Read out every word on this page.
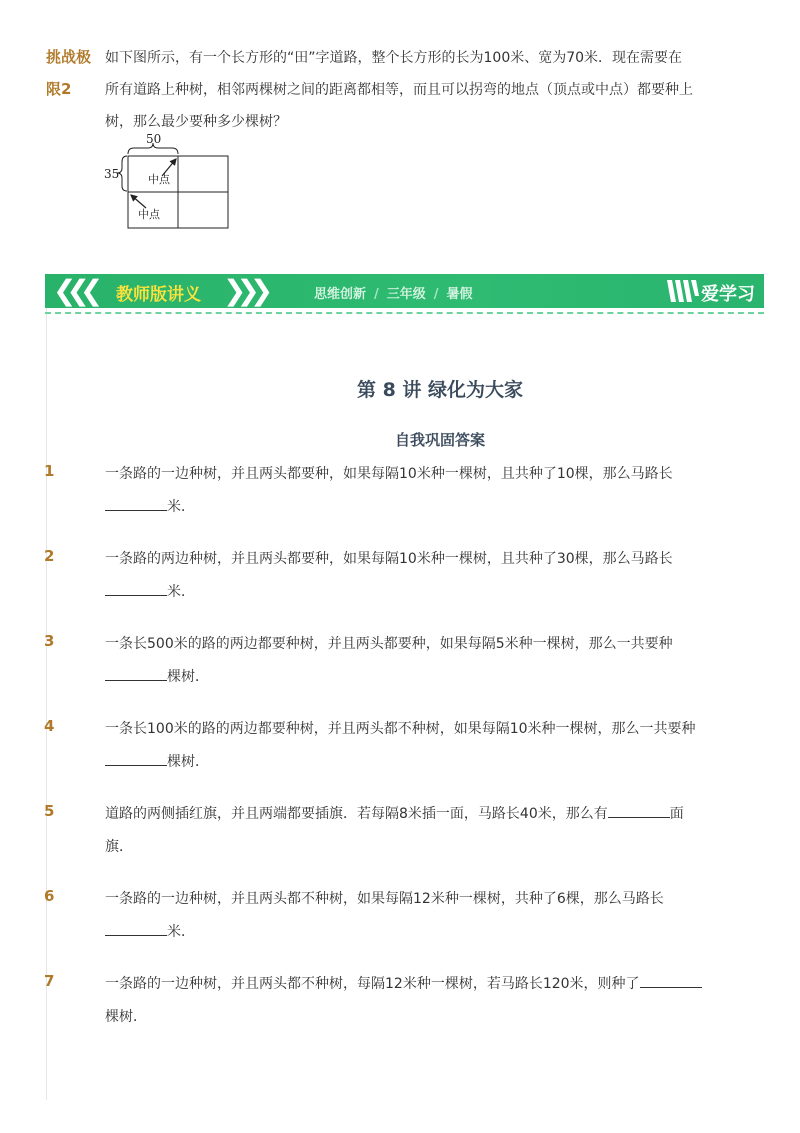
挑战极
限2
如下图所示，有一个长方形的“田”字道路，整个长方形的长为100米、宽为70米．现在需要在
所有道路上种树，相邻两棵树之间的距离都相等，而且可以拐弯的地点（顶点或中点）都要种上
树，那么最少要种多少棵树？
50
35	中点
中点
❮❮❮ 教师版讲义 ❯❯❯	思维创新 / 三年级 / 暑假	爱学习
第 8 讲 绿化为大家
自我巩固答案
1	一条路的一边种树，并且两头都要种，如果每隔10米种一棵树，且共种了10棵，那么马路长
米．
2	一条路的两边种树，并且两头都要种，如果每隔10米种一棵树，且共种了30棵，那么马路长
米．
3	一条长500米的路的两边都要种树，并且两头都要种，如果每隔5米种一棵树，那么一共要种
棵树．
4	一条长100米的路的两边都要种树，并且两头都不种树，如果每隔10米种一棵树，那么一共要种
棵树．
5	道路的两侧插红旗，并且两端都要插旗．若每隔8米插一面，马路长40米，那么有	面
旗．
6	一条路的一边种树，并且两头都不种树，如果每隔12米种一棵树，共种了6棵，那么马路长
米．
7	一条路的一边种树，并且两头都不种树，每隔12米种一棵树，若马路长120米，则种了
棵树．
